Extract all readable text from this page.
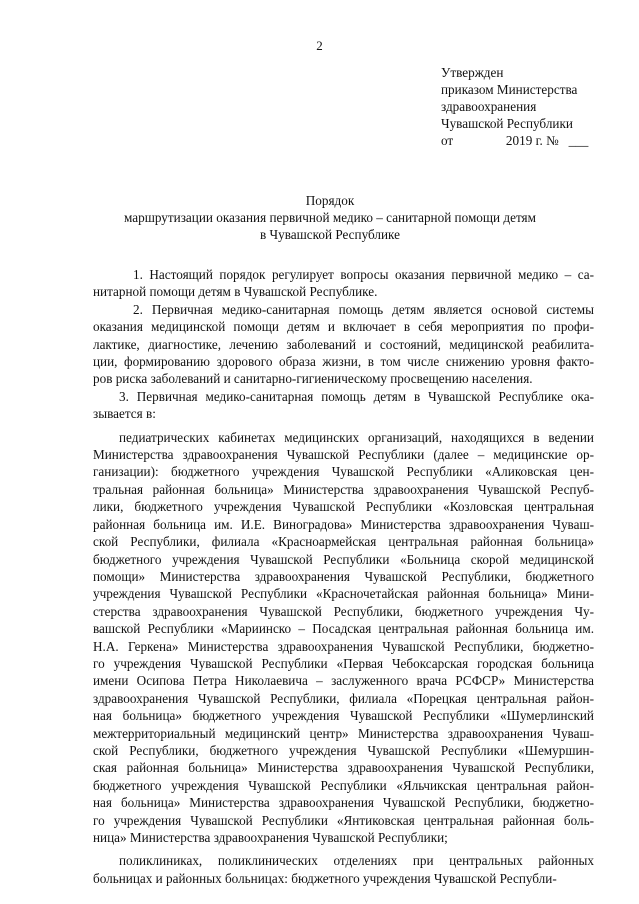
2
Утвержден
приказом Министерства
здравоохранения
Чувашской Республики
от                2019 г. №   ___
Порядок
маршрутизации оказания первичной медико – санитарной помощи детям
в Чувашской Республике
1. Настоящий порядок регулирует вопросы оказания первичной медико – са-
нитарной помощи детям в Чувашской Республике.
2. Первичная медико-санитарная помощь детям является основой системы
оказания медицинской помощи детям и включает в себя мероприятия по профи-
лактике, диагностике, лечению заболеваний и состояний, медицинской реабилита-
ции, формированию здорового образа жизни, в том числе снижению уровня факто-
ров риска заболеваний и санитарно-гигиеническому просвещению населения.
3. Первичная медико-санитарная помощь детям в Чувашской Республике ока-
зывается в:
педиатрических кабинетах медицинских организаций, находящихся в ведении
Министерства здравоохранения Чувашской Республики (далее – медицинские ор-
ганизации): бюджетного учреждения Чувашской Республики «Аликовская цен-
тральная районная больница» Министерства здравоохранения Чувашской Респуб-
лики, бюджетного учреждения Чувашской Республики «Козловская центральная
районная больница им. И.Е. Виноградова» Министерства здравоохранения Чуваш-
ской Республики, филиала «Красноармейская центральная районная больница»
бюджетного учреждения Чувашской Республики «Больница скорой медицинской
помощи» Министерства здравоохранения Чувашской Республики, бюджетного
учреждения Чувашской Республики «Красночетайская районная больница» Мини-
стерства здравоохранения Чувашской Республики, бюджетного учреждения Чу-
вашской Республики «Мариинско – Посадская центральная районная больница им.
Н.А. Геркена» Министерства здравоохранения Чувашской Республики, бюджетно-
го учреждения Чувашской Республики «Первая Чебоксарская городская больница
имени Осипова Петра Николаевича – заслуженного врача РСФСР» Министерства
здравоохранения Чувашской Республики, филиала «Порецкая центральная район-
ная больница» бюджетного учреждения Чувашской Республики «Шумерлинский
межтерриториальный медицинский центр» Министерства здравоохранения Чуваш-
ской Республики, бюджетного учреждения Чувашской Республики «Шемуршин-
ская районная больница» Министерства здравоохранения Чувашской Республики,
бюджетного учреждения Чувашской Республики «Яльчикская центральная район-
ная больница» Министерства здравоохранения Чувашской Республики, бюджетно-
го учреждения Чувашской Республики «Янтиковская центральная районная боль-
ница» Министерства здравоохранения Чувашской Республики;
поликлиниках, поликлинических отделениях при центральных районных
больницах и районных больницах: бюджетного учреждения Чувашской Республи-
